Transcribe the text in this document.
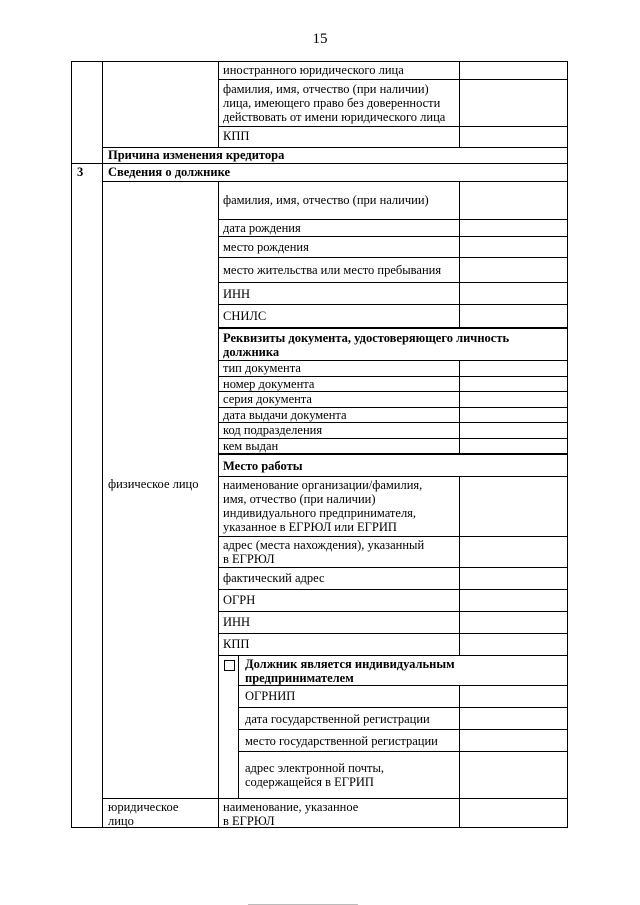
15
иностранного юридического лица
фамилия, имя, отчество (при наличии)
лица, имеющего право без доверенности
действовать от имени юридического лица
КПП
Причина изменения кредитора
3 Сведения о должнике
физическое лицо
фамилия, имя, отчество (при наличии)
дата рождения
место рождения
место жительства или место пребывания
ИНН
СНИЛС
Реквизиты документа, удостоверяющего личность
должника
тип документа
номер документа
серия документа
дата выдачи документа
код подразделения
кем выдан
Место работы
наименование организации/фамилия,
имя, отчество (при наличии)
индивидуального предпринимателя,
указанное в ЕГРЮЛ или ЕГРИП
адрес (места нахождения), указанный
в ЕГРЮЛ
фактический адрес
ОГРН
ИНН
КПП
Должник является индивидуальным
предпринимателем
ОГРНИП
дата государственной регистрации
место государственной регистрации
адрес электронной почты,
содержащейся в ЕГРИП
юридическое
лицо
наименование, указанное
в ЕГРЮЛ
